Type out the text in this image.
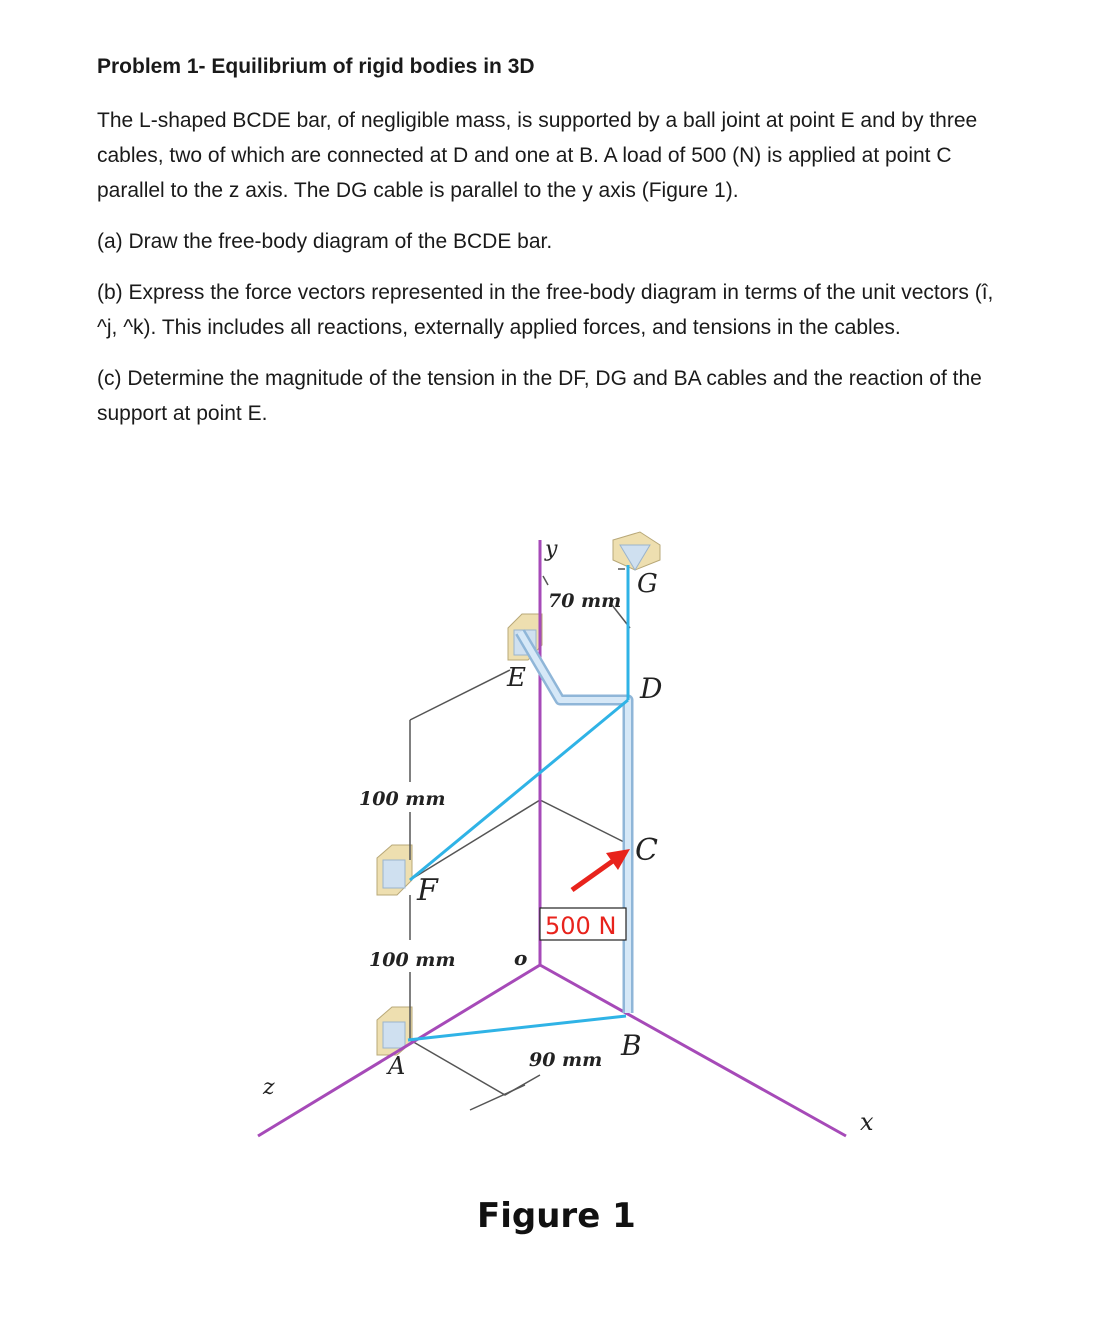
Problem 1- Equilibrium of rigid bodies in 3D
The L-shaped BCDE bar, of negligible mass, is supported by a ball joint at point E and by three cables, two of which are connected at D and one at B. A load of 500 (N) is applied at point C parallel to the z axis. The DG cable is parallel to the y axis (Figure 1).
(a) Draw the free-body diagram of the BCDE bar.
(b) Express the force vectors represented in the free-body diagram in terms of the unit vectors (î, ^j, ^k). This includes all reactions, externally applied forces, and tensions in the cables.
(c) Determine the magnitude of the tension in the DF, DG and BA cables and the reaction of the support at point E.
500 N
E
G
D
C
F
A
B
y
x
z
o
70 mm
100 mm
100 mm
90 mm
Figure 1
